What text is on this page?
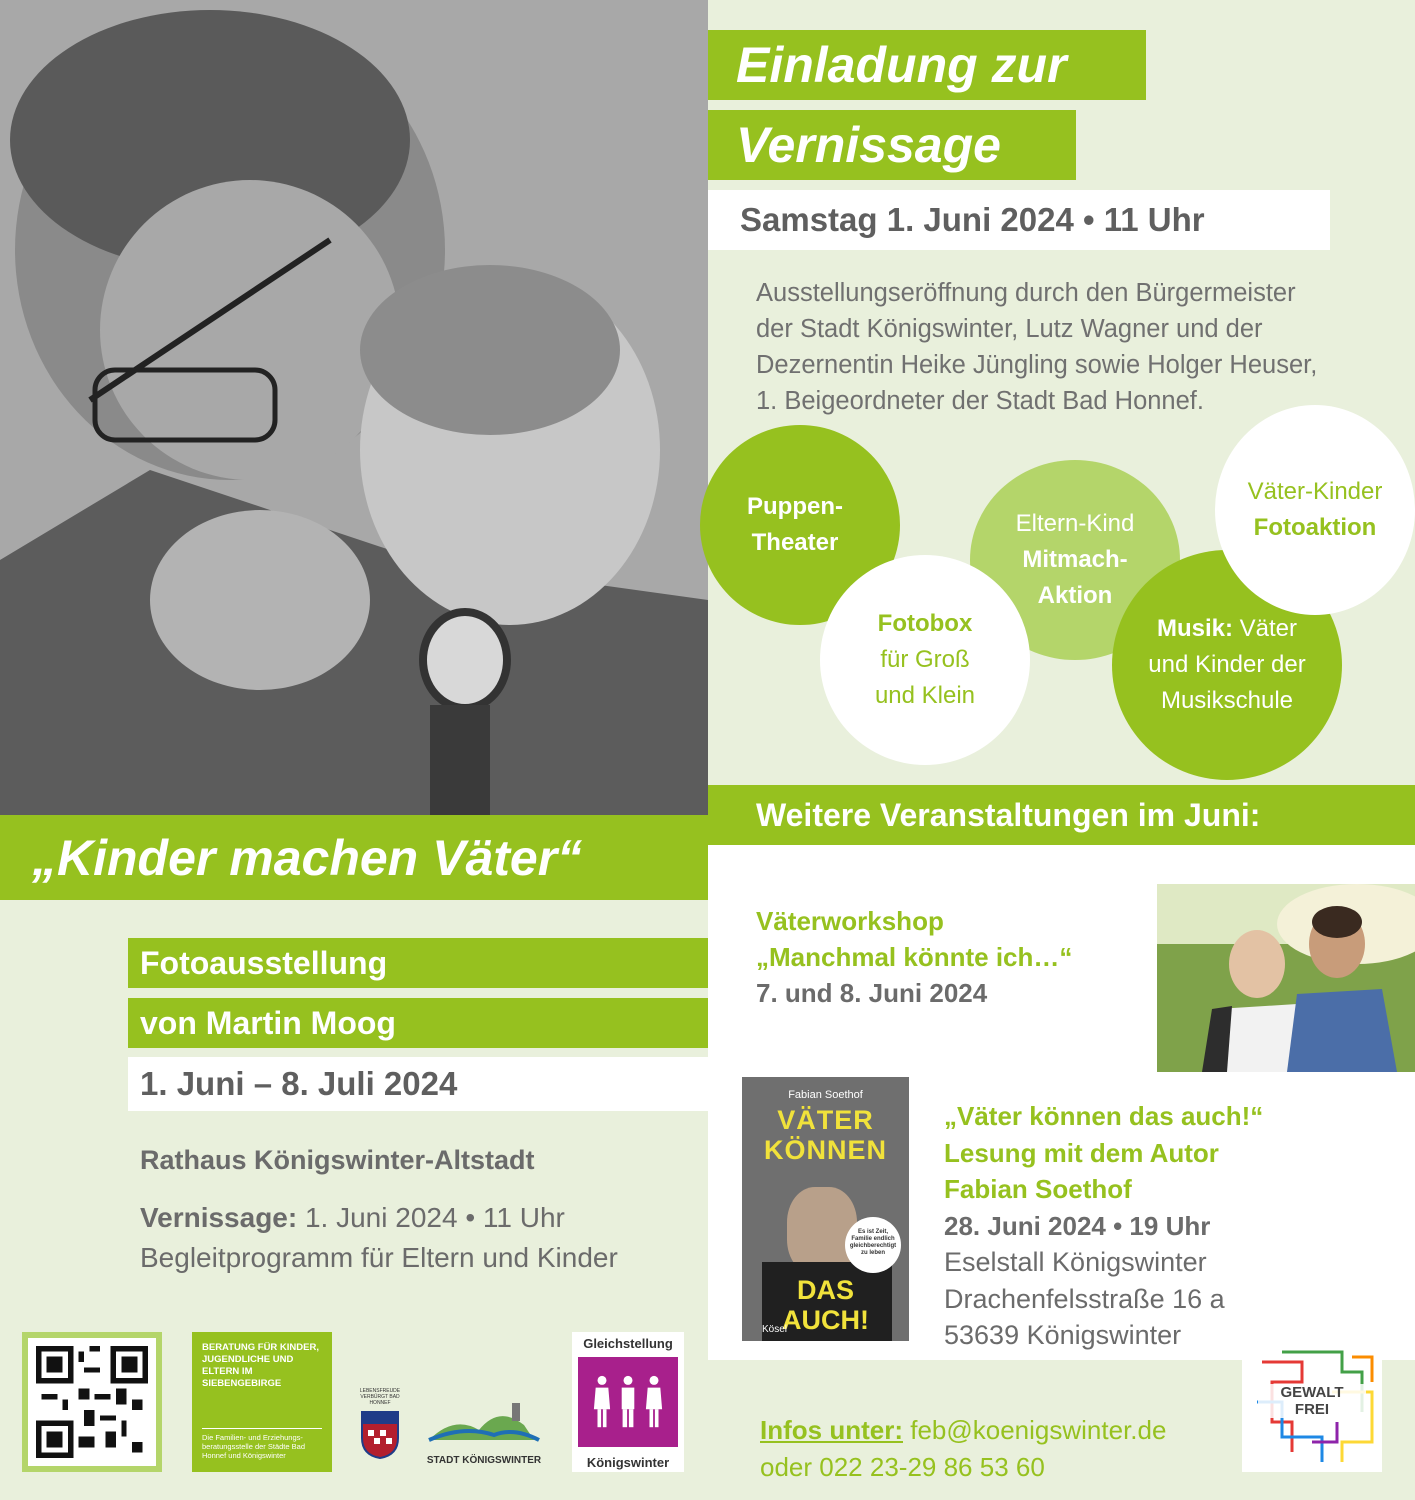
Einladung zur
Vernissage
Samstag 1. Juni 2024 • 11 Uhr
Ausstellungseröffnung durch den Bürgermeister
der Stadt Königswinter, Lutz Wagner und der
Dezernentin Heike Jüngling sowie Holger Heuser,
1. Beigeordneter der Stadt Bad Honnef.
Puppen-
Theater
Eltern-Kind
Mitmach-
Aktion
Fotobox
für Groß
und Klein
Musik: Väter
und Kinder der
Musikschule
Väter-Kinder
Fotoaktion
Weitere Veranstaltungen im Juni:
„Kinder machen Väter“
Väterworkshop
„Manchmal könnte ich…“
7. und 8. Juni 2024
Fabian Soethof
VÄTER
KÖNNEN
Es ist Zeit, Familie endlich gleichberechtigt zu leben
DAS
AUCH!
Kösel
„Väter können das auch!“
Lesung mit dem Autor
Fabian Soethof
28. Juni 2024 • 19 Uhr
Eselstall Königswinter
Drachenfelsstraße 16 a
53639 Königswinter
Fotoausstellung
von Martin Moog
1. Juni – 8. Juli 2024
Rathaus Königswinter-Altstadt
Vernissage: 1. Juni 2024 • 11 Uhr
Begleitprogramm für Eltern und Kinder
BERATUNG FÜR KINDER, JUGENDLICHE UND ELTERN IM SIEBENGEBIRGE
Die Familien- und Erziehungs- beratungsstelle der Städte Bad Honnef und Königswinter
LEBENSFREUDE VERBÜRGT BAD HONNEF
STADT KÖNIGSWINTER
Gleichstellung
Königswinter
Infos unter: feb@koenigswinter.de
oder 022 23-29 86 53 60
GEWALT
FREI
